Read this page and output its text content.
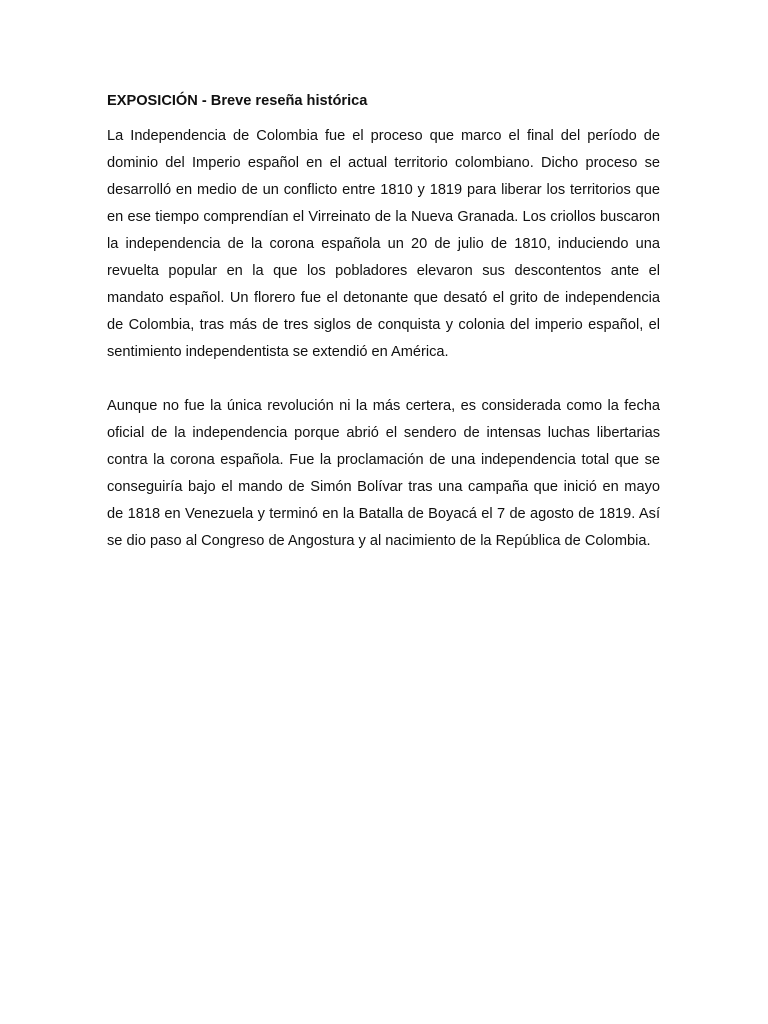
EXPOSICIÓN - Breve reseña histórica

La Independencia de Colombia fue el proceso que marco el final del período de dominio del Imperio español en el actual territorio colombiano. Dicho proceso se desarrolló en medio de un conflicto entre 1810 y 1819 para liberar los territorios que en ese tiempo comprendían el Virreinato de la Nueva Granada. Los criollos buscaron la independencia de la corona española un 20 de julio de 1810, induciendo una revuelta popular en la que los pobladores elevaron sus descontentos ante el mandato español. Un florero fue el detonante que desató el grito de independencia de Colombia, tras más de tres siglos de conquista y colonia del imperio español, el sentimiento independentista se extendió en América.

Aunque no fue la única revolución ni la más certera, es considerada como la fecha oficial de la independencia porque abrió el sendero de intensas luchas libertarias contra la corona española. Fue la proclamación de una independencia total que se conseguiría bajo el mando de Simón Bolívar tras una campaña que inició en mayo de 1818 en Venezuela y terminó en la Batalla de Boyacá el 7 de agosto de 1819. Así se dio paso al Congreso de Angostura y al nacimiento de la República de Colombia.
